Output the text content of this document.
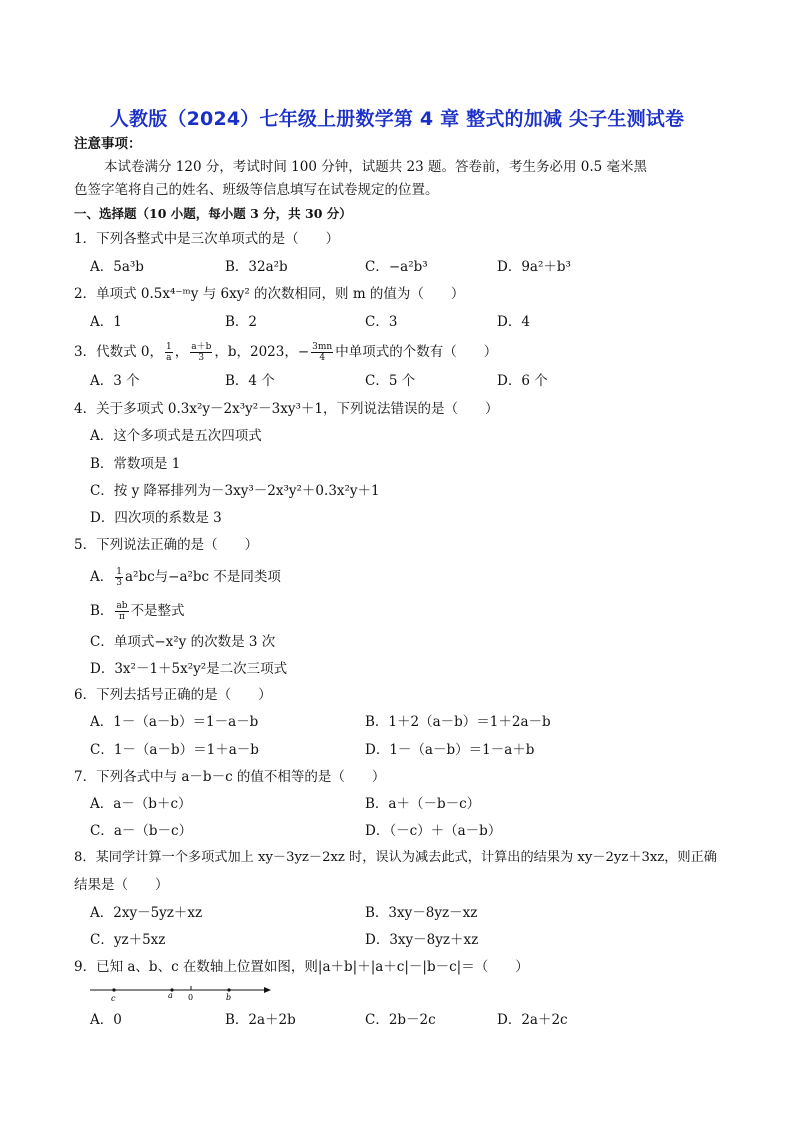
人教版（2024）七年级上册数学第 4 章 整式的加减 尖子生测试卷
注意事项：
本试卷满分 120 分，考试时间 100 分钟，试题共 23 题。答卷前，考生务必用 0.5 毫米黑
色签字笔将自己的姓名、班级等信息填写在试卷规定的位置。
一、选择题（10 小题，每小题 3 分，共 30 分）
1．下列各整式中是三次单项式的是（　　）
A．5a³b	B．32a²b	C．−a²b³	D．9a²＋b³
2．单项式 0.5x⁴⁻ᵐy 与 6xy² 的次数相同，则 m 的值为（　　）
A．1	B．2	C．3	D．4
3．代数式 0， $\frac{1}{a}$ ， $\frac{a+b}{3}$ ，b，2023，− $\frac{3mn}{4}$ 中单项式的个数有（　　）
A．3 个	B．4 个	C．5 个	D．6 个
4．关于多项式 0.3x²y－2x³y²－3xy³＋1，下列说法错误的是（　　）
A．这个多项式是五次四项式
B．常数项是 1
C．按 y 降幂排列为－3xy³－2x³y²＋0.3x²y＋1
D．四次项的系数是 3
5．下列说法正确的是（　　）
A． $\frac{1}{3} a^2bc$与−a²bc 不是同类项
B． $\frac{ab}{\pi}$ 不是整式
C．单项式−x²y 的次数是 3 次
D．3x²－1＋5x²y²是二次三项式
6．下列去括号正确的是（　　）
A．1－（a－b）＝1－a－b	B．1＋2（a－b）＝1＋2a－b
C．1－（a－b）＝1＋a－b	D．1－（a－b）＝1－a＋b
7．下列各式中与 a－b－c 的值不相等的是（　　）
A．a－（b＋c）	B．a＋（－b－c）
C．a－（b－c）	D．（－c）＋（a－b）
8．某同学计算一个多项式加上 xy－3yz－2xz 时，误认为减去此式，计算出的结果为 xy－2yz＋3xz，则正确
结果是（　　）
A．2xy－5yz＋xz	B．3xy－8yz－xz
C．yz＋5xz	D．3xy－8yz＋xz
9．已知 a、b、c 在数轴上位置如图，则|a＋b|＋|a＋c|－|b－c|＝（　　）
c	a 0	b
A．0	B．2a＋2b	C．2b－2c	D．2a＋2c
